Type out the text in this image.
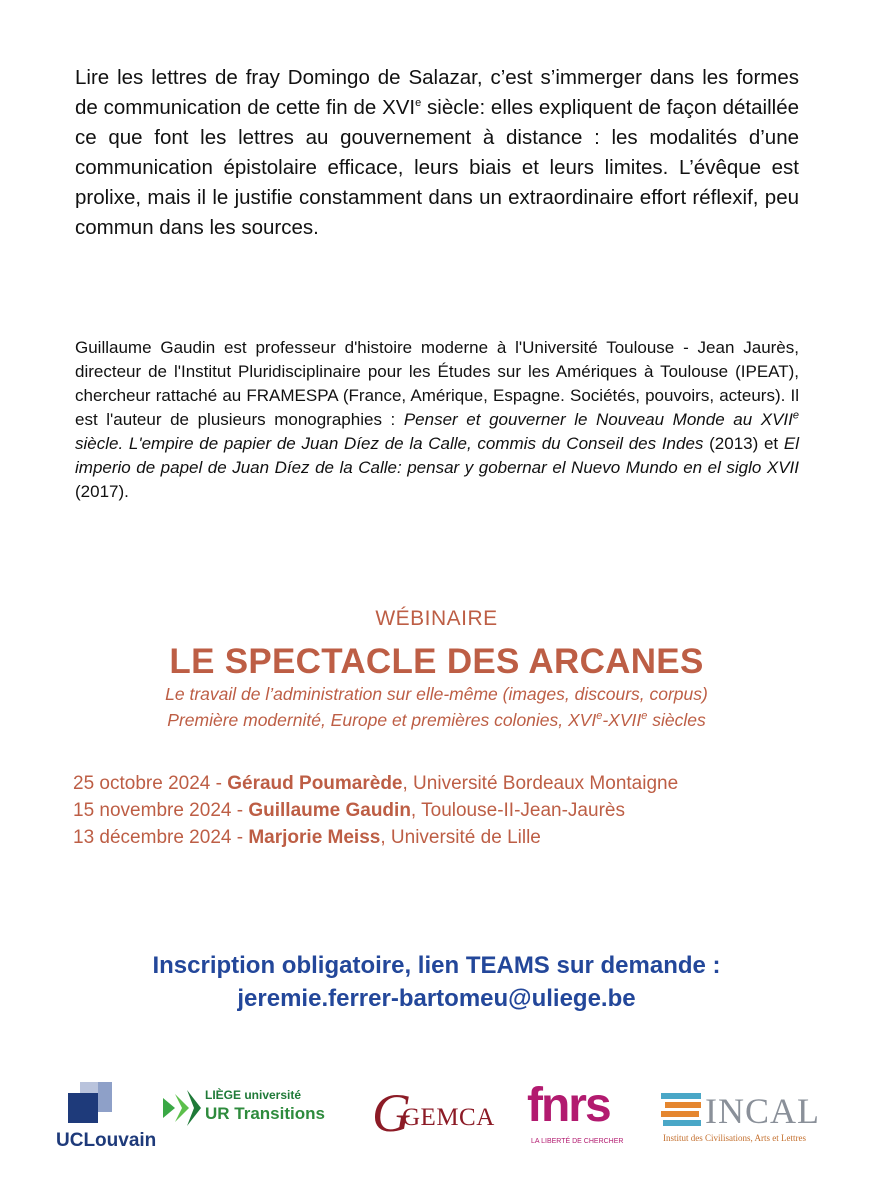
Lire les lettres de fray Domingo de Salazar, c’est s’immerger dans les formes de communication de cette fin de XVIe siècle: elles expliquent de façon détaillée ce que font les lettres au gouvernement à distance : les modalités d’une communication épistolaire efficace, leurs biais et leurs limites. L’évêque est prolixe, mais il le justifie constamment dans un extraordinaire effort réflexif, peu commun dans les sources.

Guillaume Gaudin est professeur d'histoire moderne à l'Université Toulouse - Jean Jaurès, directeur de l'Institut Pluridisciplinaire pour les Études sur les Amériques à Toulouse (IPEAT), chercheur rattaché au FRAMESPA (France, Amérique, Espagne. Sociétés, pouvoirs, acteurs). Il est l'auteur de plusieurs monographies : Penser et gouverner le Nouveau Monde au XVIIe siècle. L'empire de papier de Juan Díez de la Calle, commis du Conseil des Indes (2013) et El imperio de papel de Juan Díez de la Calle: pensar y gobernar el Nuevo Mundo en el siglo XVII (2017).

WÉBINAIRE
LE SPECTACLE DES ARCANES
Le travail de l’administration sur elle-même (images, discours, corpus)
Première modernité, Europe et premières colonies, XVIe-XVIIe siècles
25 octobre 2024 - Géraud Poumarède, Université Bordeaux Montaigne
15 novembre 2024 - Guillaume Gaudin, Toulouse-II-Jean-Jaurès
13 décembre 2024 - Marjorie Meiss, Université de Lille
Inscription obligatoire, lien TEAMS sur demande :
jeremie.ferrer-bartomeu@uliege.be
UCLouvain
LIÈGE université
UR Transitions G
GEMCA fnrs
LA LIBERTÉ DE CHERCHER
INCAL
Institut des Civilisations, Arts et Lettres
